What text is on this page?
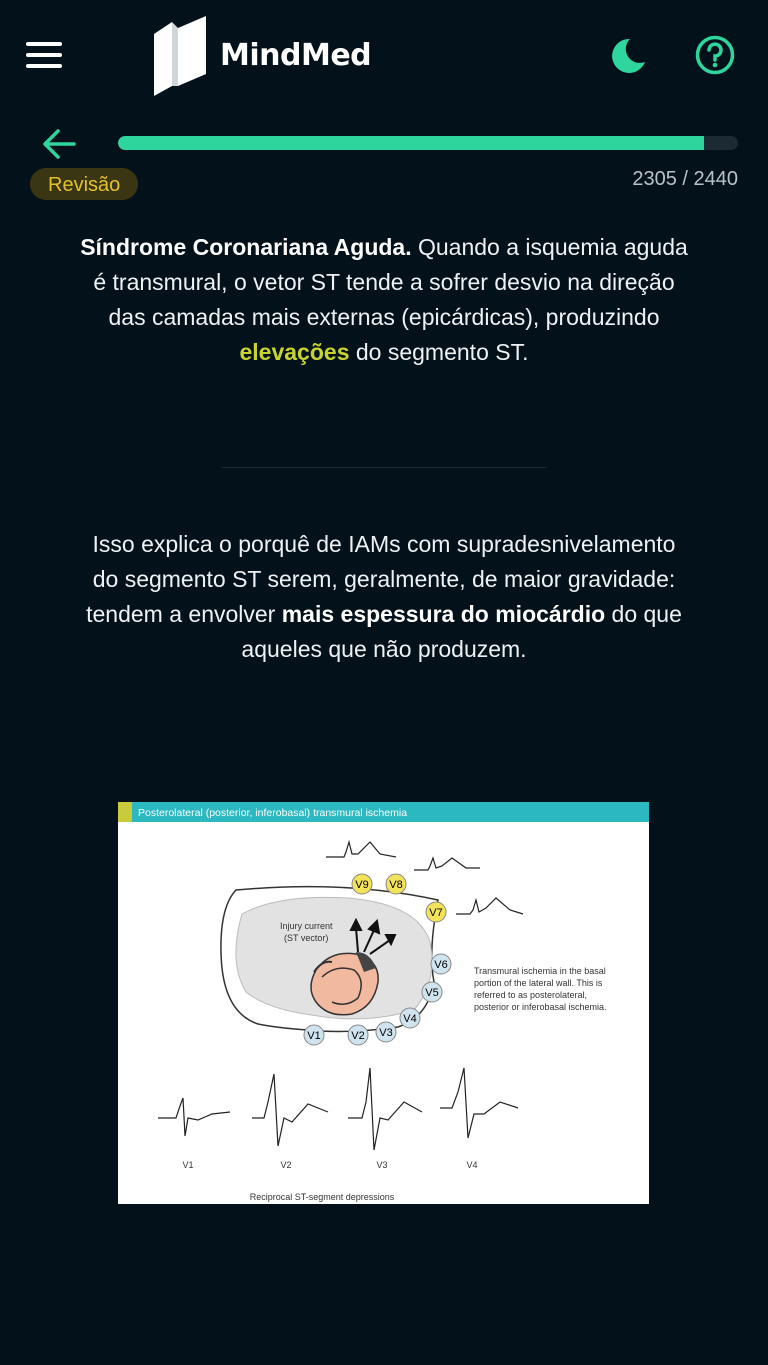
MindMed
Revisão	2305 / 2440
Síndrome Coronariana Aguda. Quando a isquemia aguda é transmural, o vetor ST tende a sofrer desvio na direção das camadas mais externas (epicárdicas), produzindo elevações do segmento ST.
Isso explica o porquê de IAMs com supradesnivelamento do segmento ST serem, geralmente, de maior gravidade: tendem a envolver mais espessura do miocárdio do que aqueles que não produzem.
Posterolateral (posterior, inferobasal) transmural ischemia
Injury current
(ST vector)
V9 V8
V7
V6
V5
V4
V3
V2
V1
Transmural ischemia in the basal
portion of the lateral wall. This is
referred to as posterolateral,
posterior or inferobasal ischemia.
V1	V2	V3	V4
Reciprocal ST-segment depressions
